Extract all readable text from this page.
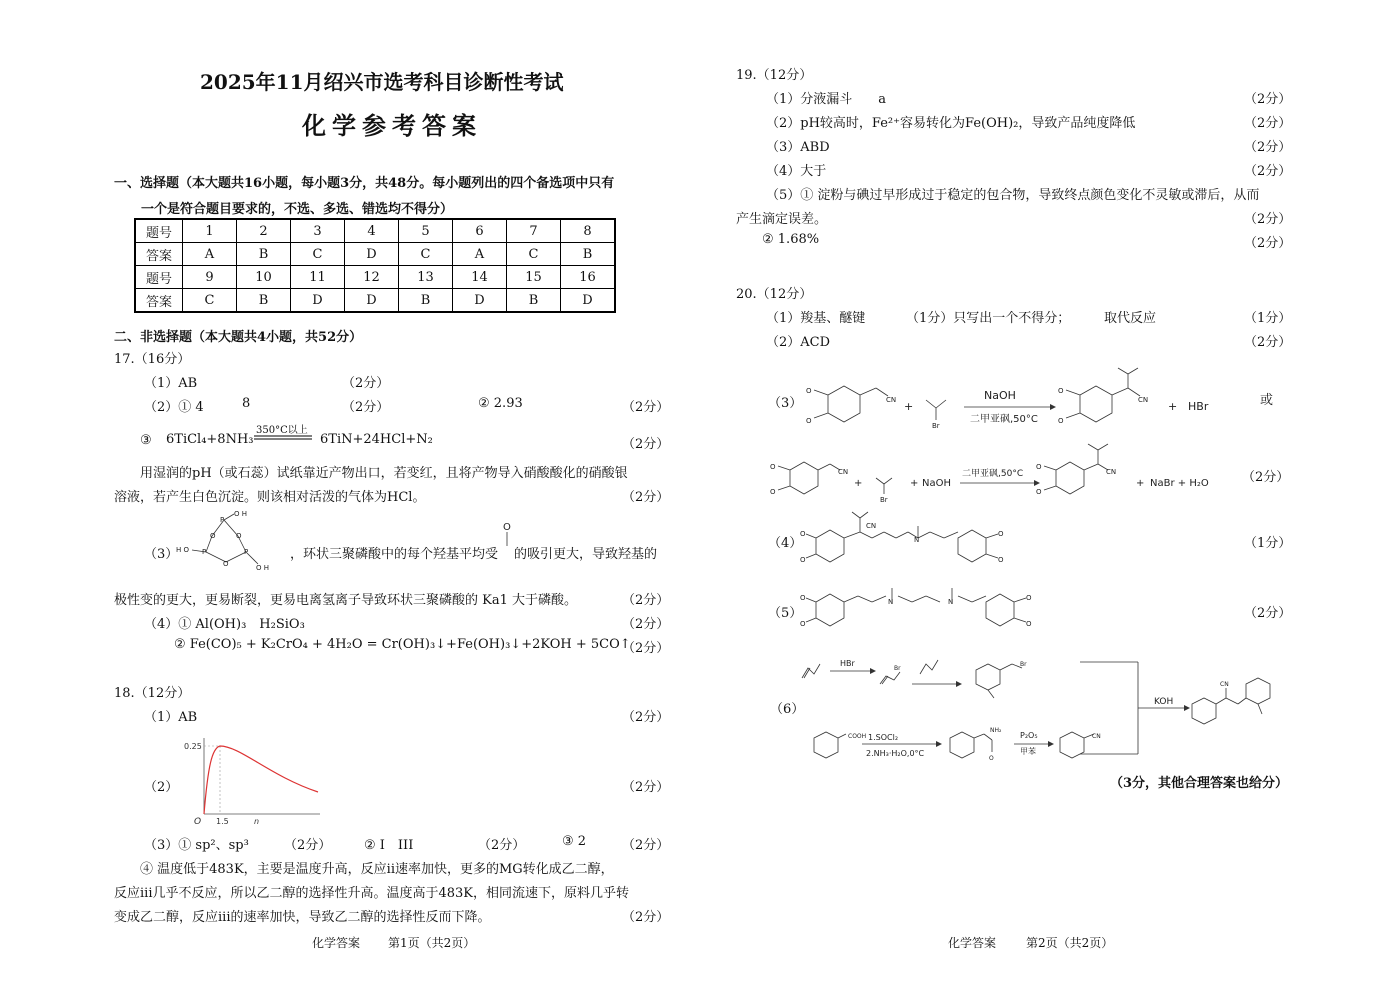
2025年11月绍兴市选考科目诊断性考试
化学参考答案
一、选择题（本大题共16小题，每小题3分，共48分。每小题列出的四个备选项中只有
一个是符合题目要求的，不选、多选、错选均不得分）
题号	1	2	3	4	5	6	7	8
答案	A	B	C	D	C	A	C	B
题号	9	10	11	12	13	14	15	16
答案	C	B	D	D	B	D	B	D
二、非选择题（本大题共4小题，共52分）
17.（16分）
（1）AB	（2分）
（2）① 4	8	（2分）	② 2.93	（2分）
③ 6TiCl₄+8NH₃
350°C以上
6TiN+24HCl+N₂	（2分）
用湿润的pH（或石蕊）试纸靠近产物出口，若变红，且将产物导入硝酸酸化的硝酸银
溶液，若产生白色沉淀。则该相对活泼的气体为HCl。	（2分）
（3）
P
O H
P	P
H O
O H
O	O
O
，环状三聚磷酸中的每个羟基平均受
O
的吸引更大，导致羟基的
极性变的更大，更易断裂，更易电离氢离子导致环状三聚磷酸的 Ka1 大于磷酸。	（2分）
（4）① Al(OH)₃　H₂SiO₃	（2分）
② Fe(CO)₅ + K₂CrO₄ + 4H₂O = Cr(OH)₃↓+Fe(OH)₃↓+2KOH + 5CO↑
（2分）
18.（12分）
（1）AB	（2分）
（2）	（2分）
0.25
1.5
O	n
（3）① sp²、sp³	（2分）	② I　III	（2分）	③ 2	（2分）
④ 温度低于483K，主要是温度升高，反应ii速率加快，更多的MG转化成乙二醇，
反应iii几乎不反应，所以乙二醇的选择性升高。温度高于483K，相同流速下，原料几乎转
变成乙二醇，反应iii的速率加快，导致乙二醇的选择性反而下降。	（2分）
化学答案 第1页（共2页）
19.（12分）
（1）分液漏斗　　a	（2分）
（2）pH较高时，Fe²⁺容易转化为Fe(OH)₂，导致产品纯度降低	（2分）
（3）ABD	（2分）
（4）大于	（2分）
（5）① 淀粉与碘过早形成过于稳定的包合物，导致终点颜色变化不灵敏或滞后，从而
产生滴定误差。	（2分）
② 1.68%	（2分）
20.（12分）
（1）羧基、醚键	（1分）只写出一个不得分；	取代反应	（1分）
（2）ACD	（2分）
（3）
O
O
CN
Br
O
O
CN
+
NaOH
二甲亚砜,50°C
+ HBr	或
O
O
CN
Br
O
O
CN
+	+ NaOH
二甲亚砜,50°C
+ NaBr + H₂O	（2分）
（4）
O
O
CN
N
O
O
（1分）
（5）
O
O
N	N	O
O
（2分）
（6）
Br
Br
COOH
NH₂
O
CN
CN
HBr
KOH
1.SOCl₂
2.NH₃·H₂O,0°C
P₂O₅
甲苯
（3分，其他合理答案也给分）
化学答案 第2页（共2页）
